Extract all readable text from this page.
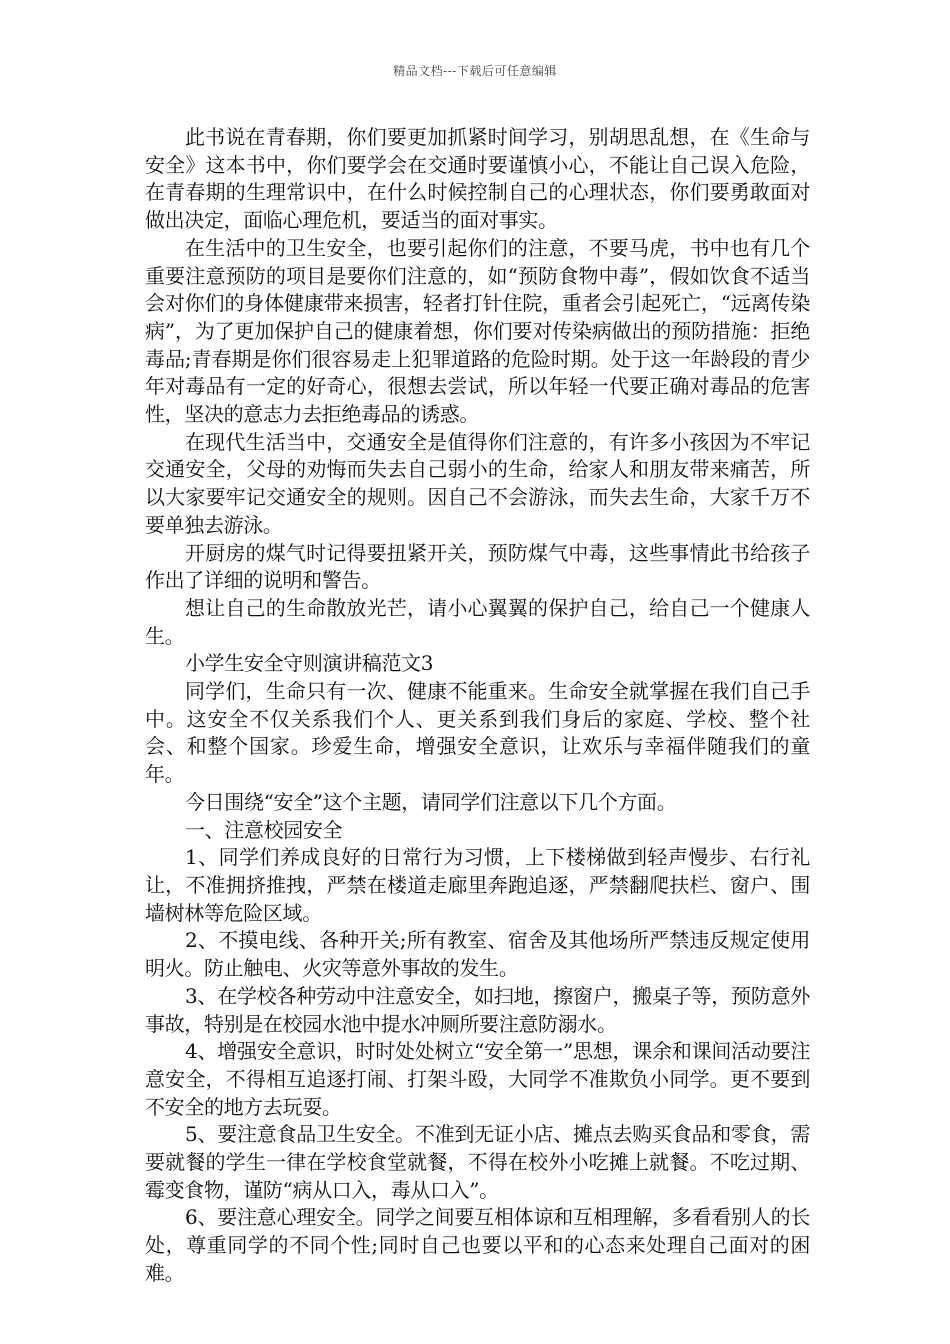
精品文档---下载后可任意编辑

此书说在青春期，你们要更加抓紧时间学习，别胡思乱想，在《生命与安全》这本书中，你们要学会在交通时要谨慎小心，不能让自己误入危险，在青春期的生理常识中，在什么时候控制自己的心理状态，你们要勇敢面对做出决定，面临心理危机，要适当的面对事实。

在生活中的卫生安全，也要引起你们的注意，不要马虎，书中也有几个重要注意预防的项目是要你们注意的，如“预防食物中毒”，假如饮食不适当会对你们的身体健康带来损害，轻者打针住院，重者会引起死亡，“远离传染病”，为了更加保护自己的健康着想，你们要对传染病做出的预防措施：拒绝毒品;青春期是你们很容易走上犯罪道路的危险时期。处于这一年龄段的青少年对毒品有一定的好奇心，很想去尝试，所以年轻一代要正确对毒品的危害性，坚决的意志力去拒绝毒品的诱惑。

在现代生活当中，交通安全是值得你们注意的，有许多小孩因为不牢记交通安全，父母的劝悔而失去自己弱小的生命，给家人和朋友带来痛苦，所以大家要牢记交通安全的规则。因自己不会游泳，而失去生命，大家千万不要单独去游泳。

开厨房的煤气时记得要扭紧开关，预防煤气中毒，这些事情此书给孩子作出了详细的说明和警告。

想让自己的生命散放光芒，请小心翼翼的保护自己，给自己一个健康人生。

小学生安全守则演讲稿范文3

同学们，生命只有一次、健康不能重来。生命安全就掌握在我们自己手中。这安全不仅关系我们个人、更关系到我们身后的家庭、学校、整个社会、和整个国家。珍爱生命，增强安全意识，让欢乐与幸福伴随我们的童年。

今日围绕“安全”这个主题，请同学们注意以下几个方面。

一、注意校园安全

1、同学们养成良好的日常行为习惯，上下楼梯做到轻声慢步、右行礼让，不准拥挤推拽，严禁在楼道走廊里奔跑追逐，严禁翻爬扶栏、窗户、围墙树林等危险区域。

2、不摸电线、各种开关;所有教室、宿舍及其他场所严禁违反规定使用明火。防止触电、火灾等意外事故的发生。

3、在学校各种劳动中注意安全，如扫地，擦窗户，搬桌子等，预防意外事故，特别是在校园水池中提水冲厕所要注意防溺水。

4、增强安全意识，时时处处树立“安全第一”思想，课余和课间活动要注意安全，不得相互追逐打闹、打架斗殴，大同学不准欺负小同学。更不要到不安全的地方去玩耍。

5、要注意食品卫生安全。不准到无证小店、摊点去购买食品和零食，需要就餐的学生一律在学校食堂就餐，不得在校外小吃摊上就餐。不吃过期、霉变食物，谨防“病从口入，毒从口入”。

6、要注意心理安全。同学之间要互相体谅和互相理解，多看看别人的长处，尊重同学的不同个性;同时自己也要以平和的心态来处理自己面对的困难。
